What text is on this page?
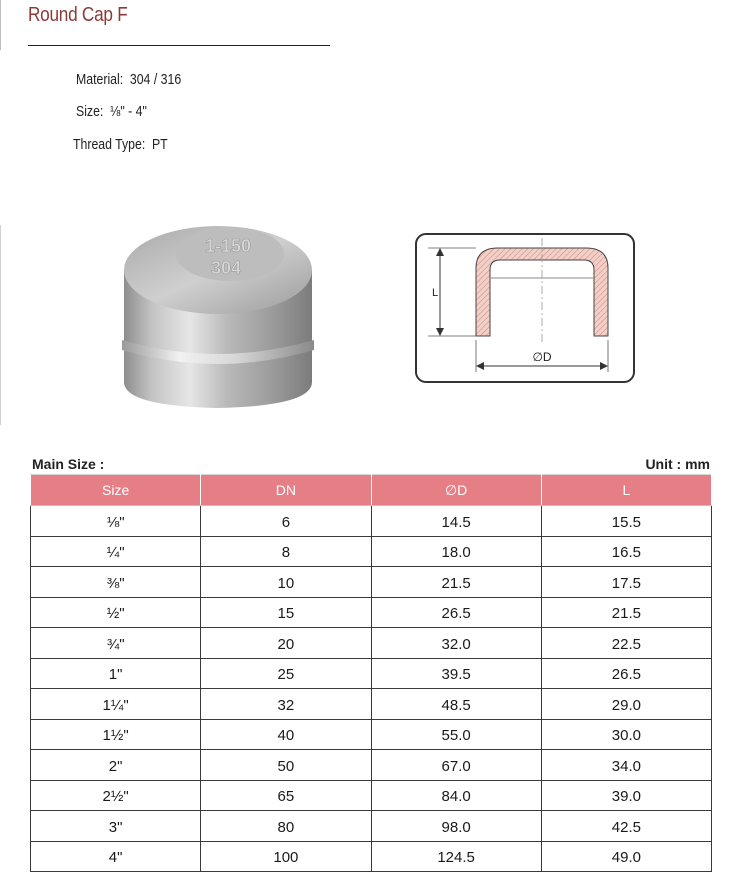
Round Cap F
Material: 304 / 316
Size: ⅛" - 4"
Thread Type: PT
1-150
304
L
∅D
Main Size :	Unit : mm
Size	DN	∅D	L
⅛"	6	14.5	15.5
¼"	8	18.0	16.5
⅜"	10	21.5	17.5
½"	15	26.5	21.5
¾"	20	32.0	22.5
1"	25	39.5	26.5
1¼"	32	48.5	29.0
1½"	40	55.0	30.0
2"	50	67.0	34.0
2½"	65	84.0	39.0
3"	80	98.0	42.5
4"	100	124.5	49.0
